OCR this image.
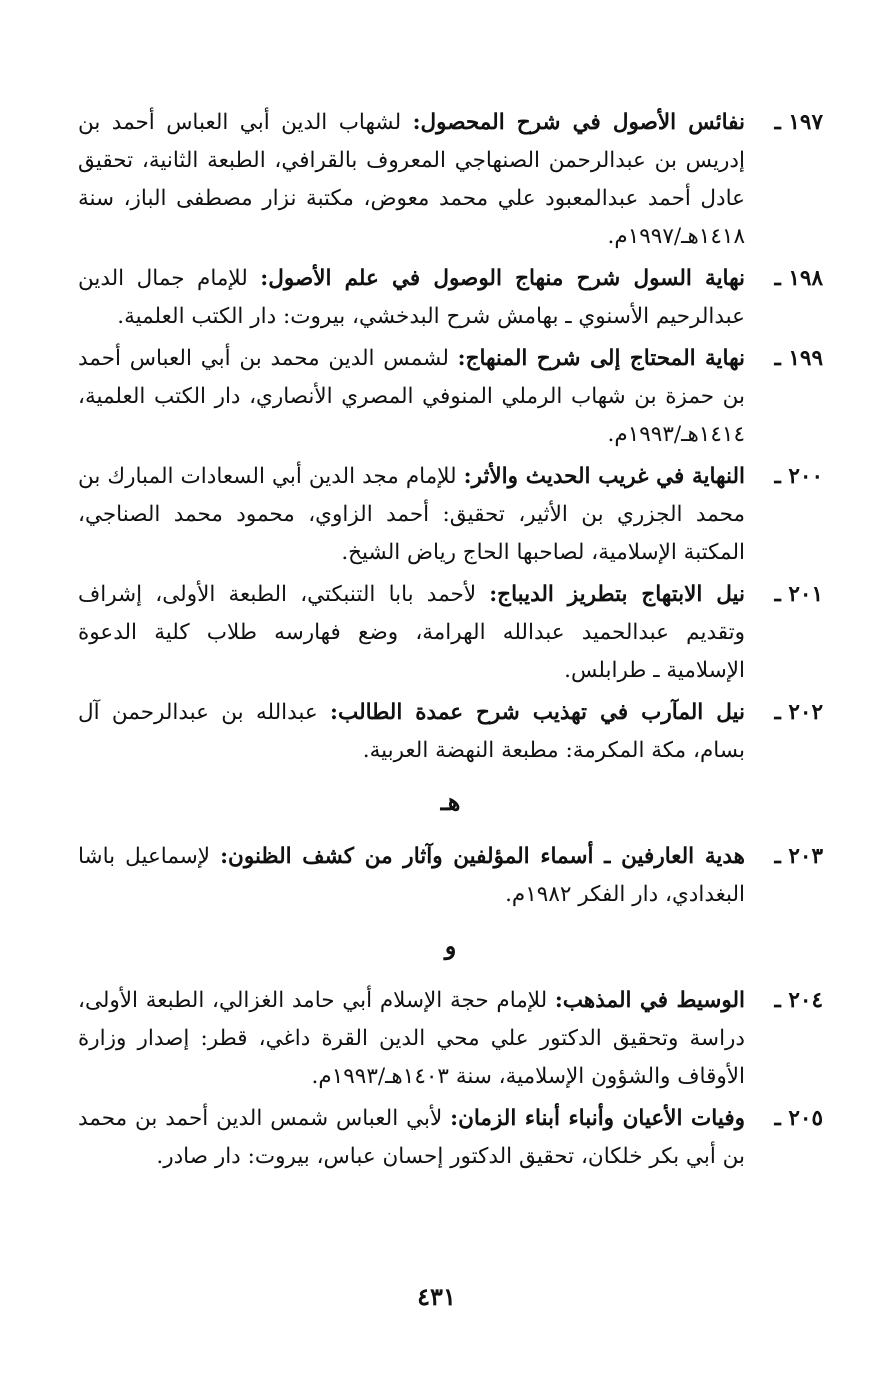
١٩٧ ـ
نفائس الأصول في شرح المحصول: لشهاب الدين أبي العباس أحمد بن إدريس بن عبدالرحمن الصنهاجي المعروف بالقرافي، الطبعة الثانية، تحقيق عادل أحمد عبدالمعبود علي محمد معوض، مكتبة نزار مصطفى الباز، سنة ١٤١٨هـ/١٩٩٧م.
١٩٨ ـ
نهاية السول شرح منهاج الوصول في علم الأصول: للإمام جمال الدين عبدالرحيم الأسنوي ـ بهامش شرح البدخشي، بيروت: دار الكتب العلمية.
١٩٩ ـ
نهاية المحتاج إلى شرح المنهاج: لشمس الدين محمد بن أبي العباس أحمد بن حمزة بن شهاب الرملي المنوفي المصري الأنصاري، دار الكتب العلمية، ١٤١٤هـ/١٩٩٣م.
٢٠٠ ـ
النهاية في غريب الحديث والأثر: للإمام مجد الدين أبي السعادات المبارك بن محمد الجزري بن الأثير، تحقيق: أحمد الزاوي، محمود محمد الصناجي، المكتبة الإسلامية، لصاحبها الحاج رياض الشيخ.
٢٠١ ـ
نيل الابتهاج بتطريز الديباج: لأحمد بابا التنبكتي، الطبعة الأولى، إشراف وتقديم عبدالحميد عبدالله الهرامة، وضع فهارسه طلاب كلية الدعوة الإسلامية ـ طرابلس.
٢٠٢ ـ
نيل المآرب في تهذيب شرح عمدة الطالب: عبدالله بن عبدالرحمن آل بسام، مكة المكرمة: مطبعة النهضة العربية.
هـ
٢٠٣ ـ
هدية العارفين ـ أسماء المؤلفين وآثار من كشف الظنون: لإسماعيل باشا البغدادي، دار الفكر ١٩٨٢م.
و
٢٠٤ ـ
الوسيط في المذهب: للإمام حجة الإسلام أبي حامد الغزالي، الطبعة الأولى، دراسة وتحقيق الدكتور علي محي الدين القرة داغي، قطر: إصدار وزارة الأوقاف والشؤون الإسلامية، سنة ١٤٠٣هـ/١٩٩٣م.
٢٠٥ ـ
وفيات الأعيان وأنباء أبناء الزمان: لأبي العباس شمس الدين أحمد بن محمد بن أبي بكر خلكان، تحقيق الدكتور إحسان عباس، بيروت: دار صادر.
٤٣١
